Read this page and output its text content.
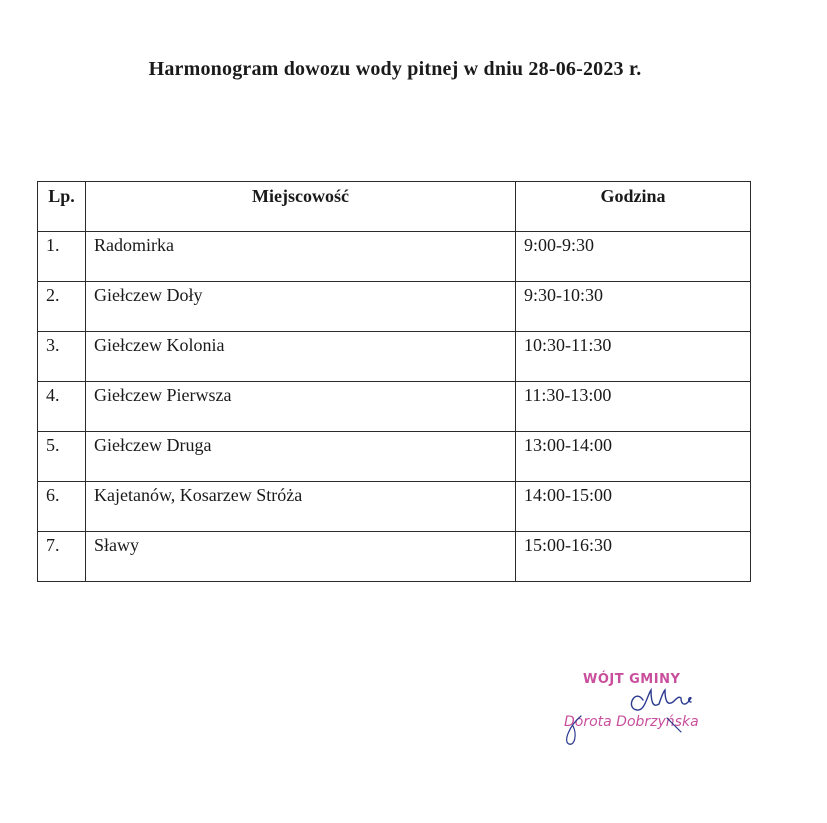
Harmonogram dowozu wody pitnej w dniu 28-06-2023 r.
Lp.	Miejscowość	Godzina
1.	Radomirka	9:00-9:30
2.	Giełczew Doły	9:30-10:30
3.	Giełczew Kolonia	10:30-11:30
4.	Giełczew Pierwsza	11:30-13:00
5.	Giełczew Druga	13:00-14:00
6.	Kajetanów, Kosarzew Stróża	14:00-15:00
7.	Sławy	15:00-16:30
WÓJT GMINY
Dorota Dobrzyńska
